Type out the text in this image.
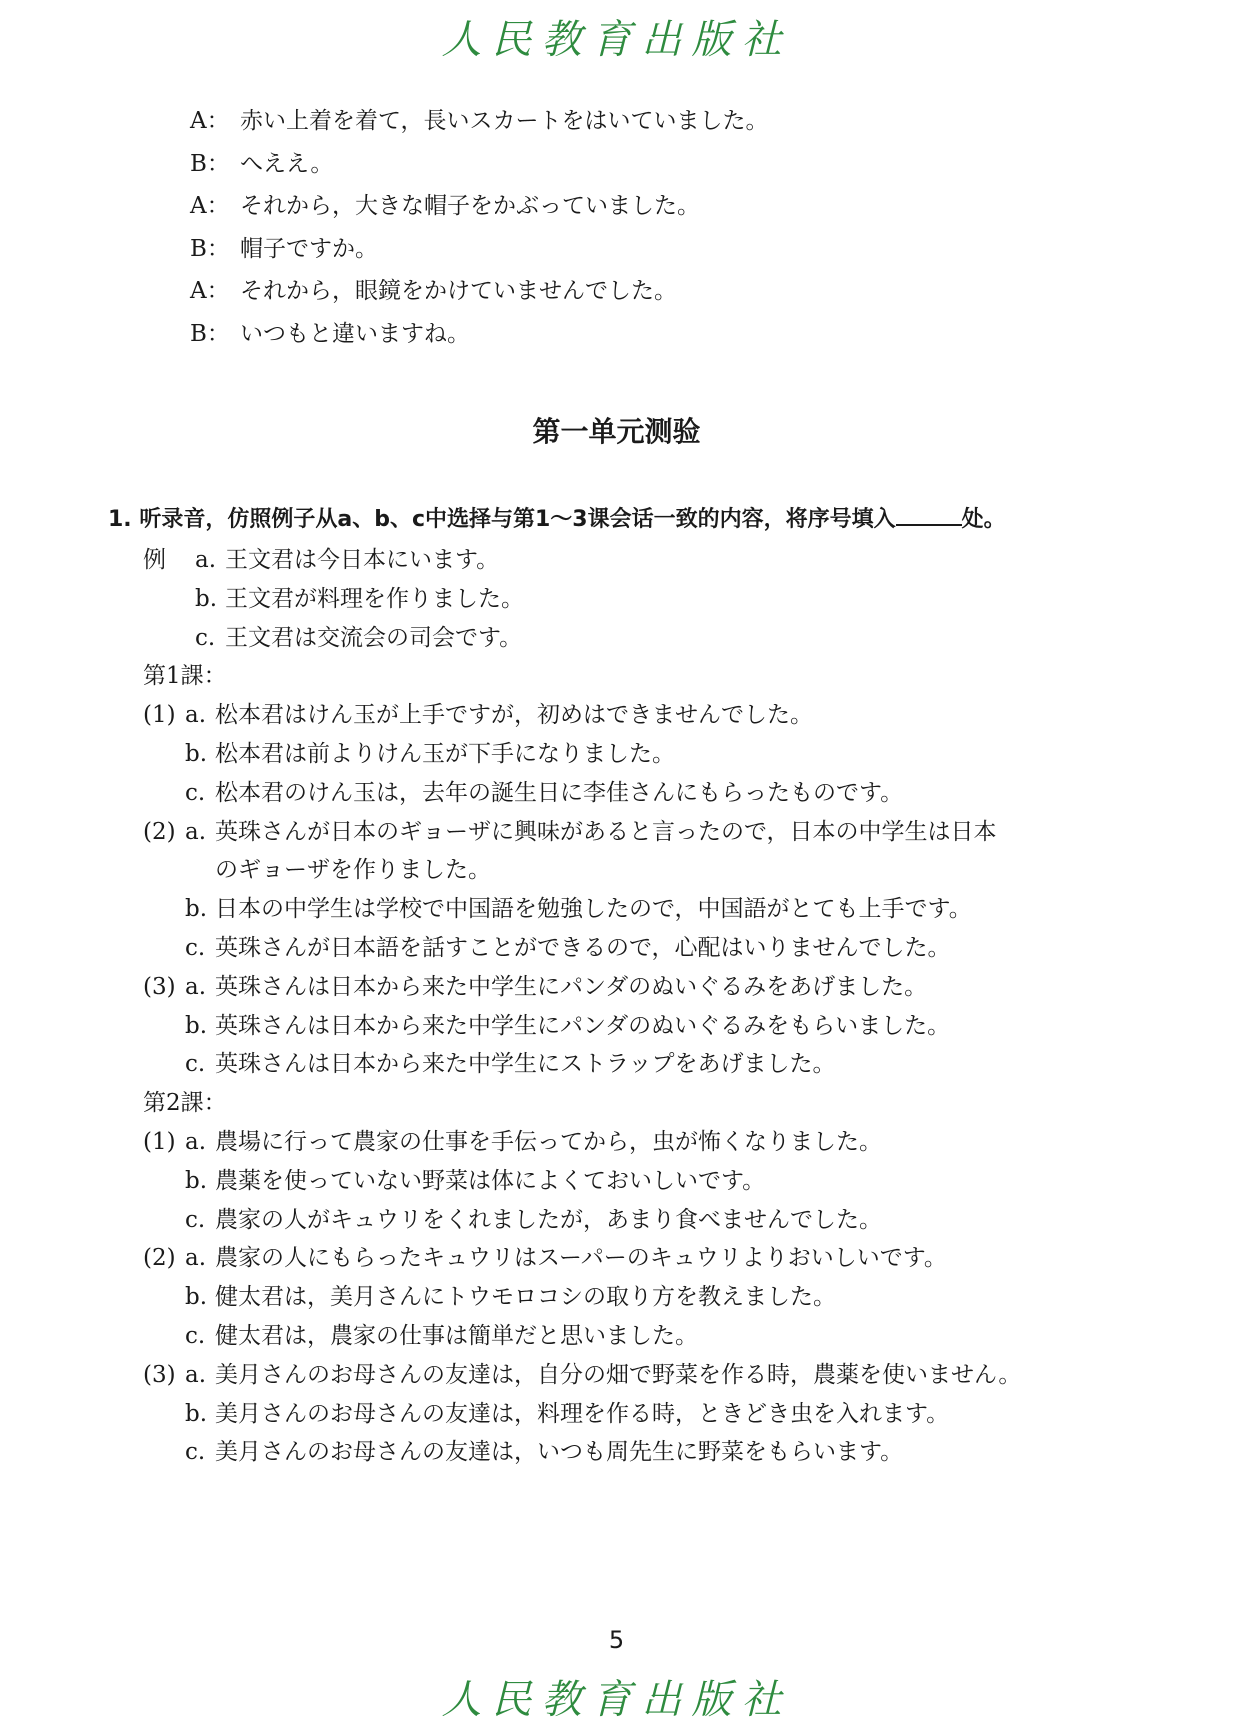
人民教育出版社
A： 赤い上着を着て，長いスカートをはいていました。
B： へええ。
A： それから，大きな帽子をかぶっていました。
B： 帽子ですか。
A： それから，眼鏡をかけていませんでした。
B： いつもと違いますね。
第一单元测验
1. 听录音，仿照例子从a、b、c中选择与第1～3课会话一致的内容，将序号填入	处。
例 a. 王文君は今日本にいます。
b. 王文君が料理を作りました。
c. 王文君は交流会の司会です。
第1課：
(1) a. 松本君はけん玉が上手ですが，初めはできませんでした。
b. 松本君は前よりけん玉が下手になりました。
c. 松本君のけん玉は，去年の誕生日に李佳さんにもらったものです。
(2) a. 英珠さんが日本のギョーザに興味があると言ったので，日本の中学生は日本
のギョーザを作りました。
b. 日本の中学生は学校で中国語を勉強したので，中国語がとても上手です。
c. 英珠さんが日本語を話すことができるので，心配はいりませんでした。
(3) a. 英珠さんは日本から来た中学生にパンダのぬいぐるみをあげました。
b. 英珠さんは日本から来た中学生にパンダのぬいぐるみをもらいました。
c. 英珠さんは日本から来た中学生にストラップをあげました。
第2課：
(1) a. 農場に行って農家の仕事を手伝ってから，虫が怖くなりました。
b. 農薬を使っていない野菜は体によくておいしいです。
c. 農家の人がキュウリをくれましたが，あまり食べませんでした。
(2) a. 農家の人にもらったキュウリはスーパーのキュウリよりおいしいです。
b. 健太君は，美月さんにトウモロコシの取り方を教えました。
c. 健太君は，農家の仕事は簡単だと思いました。
(3) a. 美月さんのお母さんの友達は，自分の畑で野菜を作る時，農薬を使いません。
b. 美月さんのお母さんの友達は，料理を作る時，ときどき虫を入れます。
c. 美月さんのお母さんの友達は，いつも周先生に野菜をもらいます。
5
人民教育出版社
